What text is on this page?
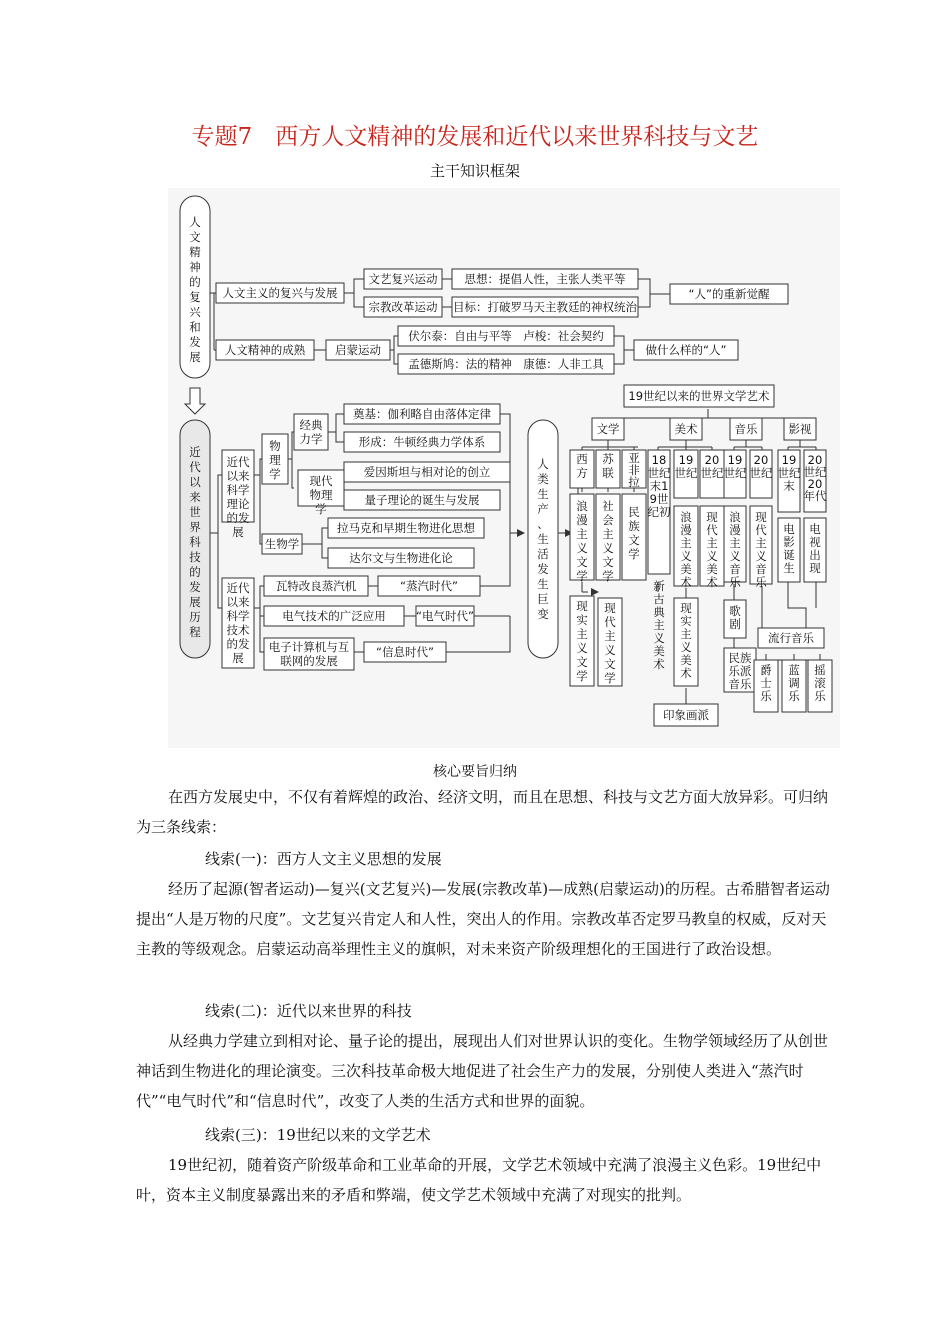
专题7　西方人文精神的发展和近代以来世界科技与文艺
主干知识框架
人文精神的复兴和发展
近代以来世界科技的发展历程
人类生产、生活发生巨变
人文主义的复兴与发展
文艺复兴运动
宗教改革运动
思想：提倡人性，主张人类平等
目标：打破罗马天主教廷的神权统治
“人”的重新觉醒
人文精神的成熟	启蒙运动
伏尔泰：自由与平等　卢梭：社会契约
孟德斯鸠：法的精神　康德：人非工具
做什么样的“人”
近代以来科学理论的发展
物理学
经典力学
奠基：伽利略自由落体定律
形成：牛顿经典力学体系
现代物理学
爱因斯坦与相对论的创立
量子理论的诞生与发展
生物学
拉马克和早期生物进化思想
达尔文与生物进化论
近代以来科学技术的发展
瓦特改良蒸汽机	“蒸汽时代”
电气技术的广泛应用	“电气时代”
电子计算机与互联网的发展
“信息时代”
19世纪以来的世界文学艺术
文学	美术	音乐	影视
西方
苏联
亚非拉
18 世纪末1 9世纪初
19 世纪
20 世纪
19 世纪
20 世纪
19 世纪末
20 世纪 20 年代
浪漫主义文学
社会主义文学
民族文学
新古典主义美术
浪漫主义美术
现代主义美术
浪漫主义音乐
现代主义音乐
电影诞生
电视出现
现实主义文学
现代主义文学
现实主义美术
歌剧
民族乐派音乐
流行音乐
爵士乐
蓝调乐
摇滚乐
印象画派
核心要旨归纳

在西方发展史中，不仅有着辉煌的政治、经济文明，而且在思想、科技与文艺方面大放异彩。可归纳为三条线索：

线索(一)：西方人文主义思想的发展

经历了起源(智者运动)—复兴(文艺复兴)—发展(宗教改革)—成熟(启蒙运动)的历程。古希腊智者运动提出“人是万物的尺度”。文艺复兴肯定人和人性，突出人的作用。宗教改革否定罗马教皇的权威，反对天主教的等级观念。启蒙运动高举理性主义的旗帜，对未来资产阶级理想化的王国进行了政治设想。

线索(二)：近代以来世界的科技

从经典力学建立到相对论、量子论的提出，展现出人们对世界认识的变化。生物学领域经历了从创世神话到生物进化的理论演变。三次科技革命极大地促进了社会生产力的发展，分别使人类进入“蒸汽时代”“电气时代”和“信息时代”，改变了人类的生活方式和世界的面貌。

线索(三)：19世纪以来的文学艺术

19世纪初，随着资产阶级革命和工业革命的开展，文学艺术领域中充满了浪漫主义色彩。19世纪中叶，资本主义制度暴露出来的矛盾和弊端，使文学艺术领域中充满了对现实的批判。
